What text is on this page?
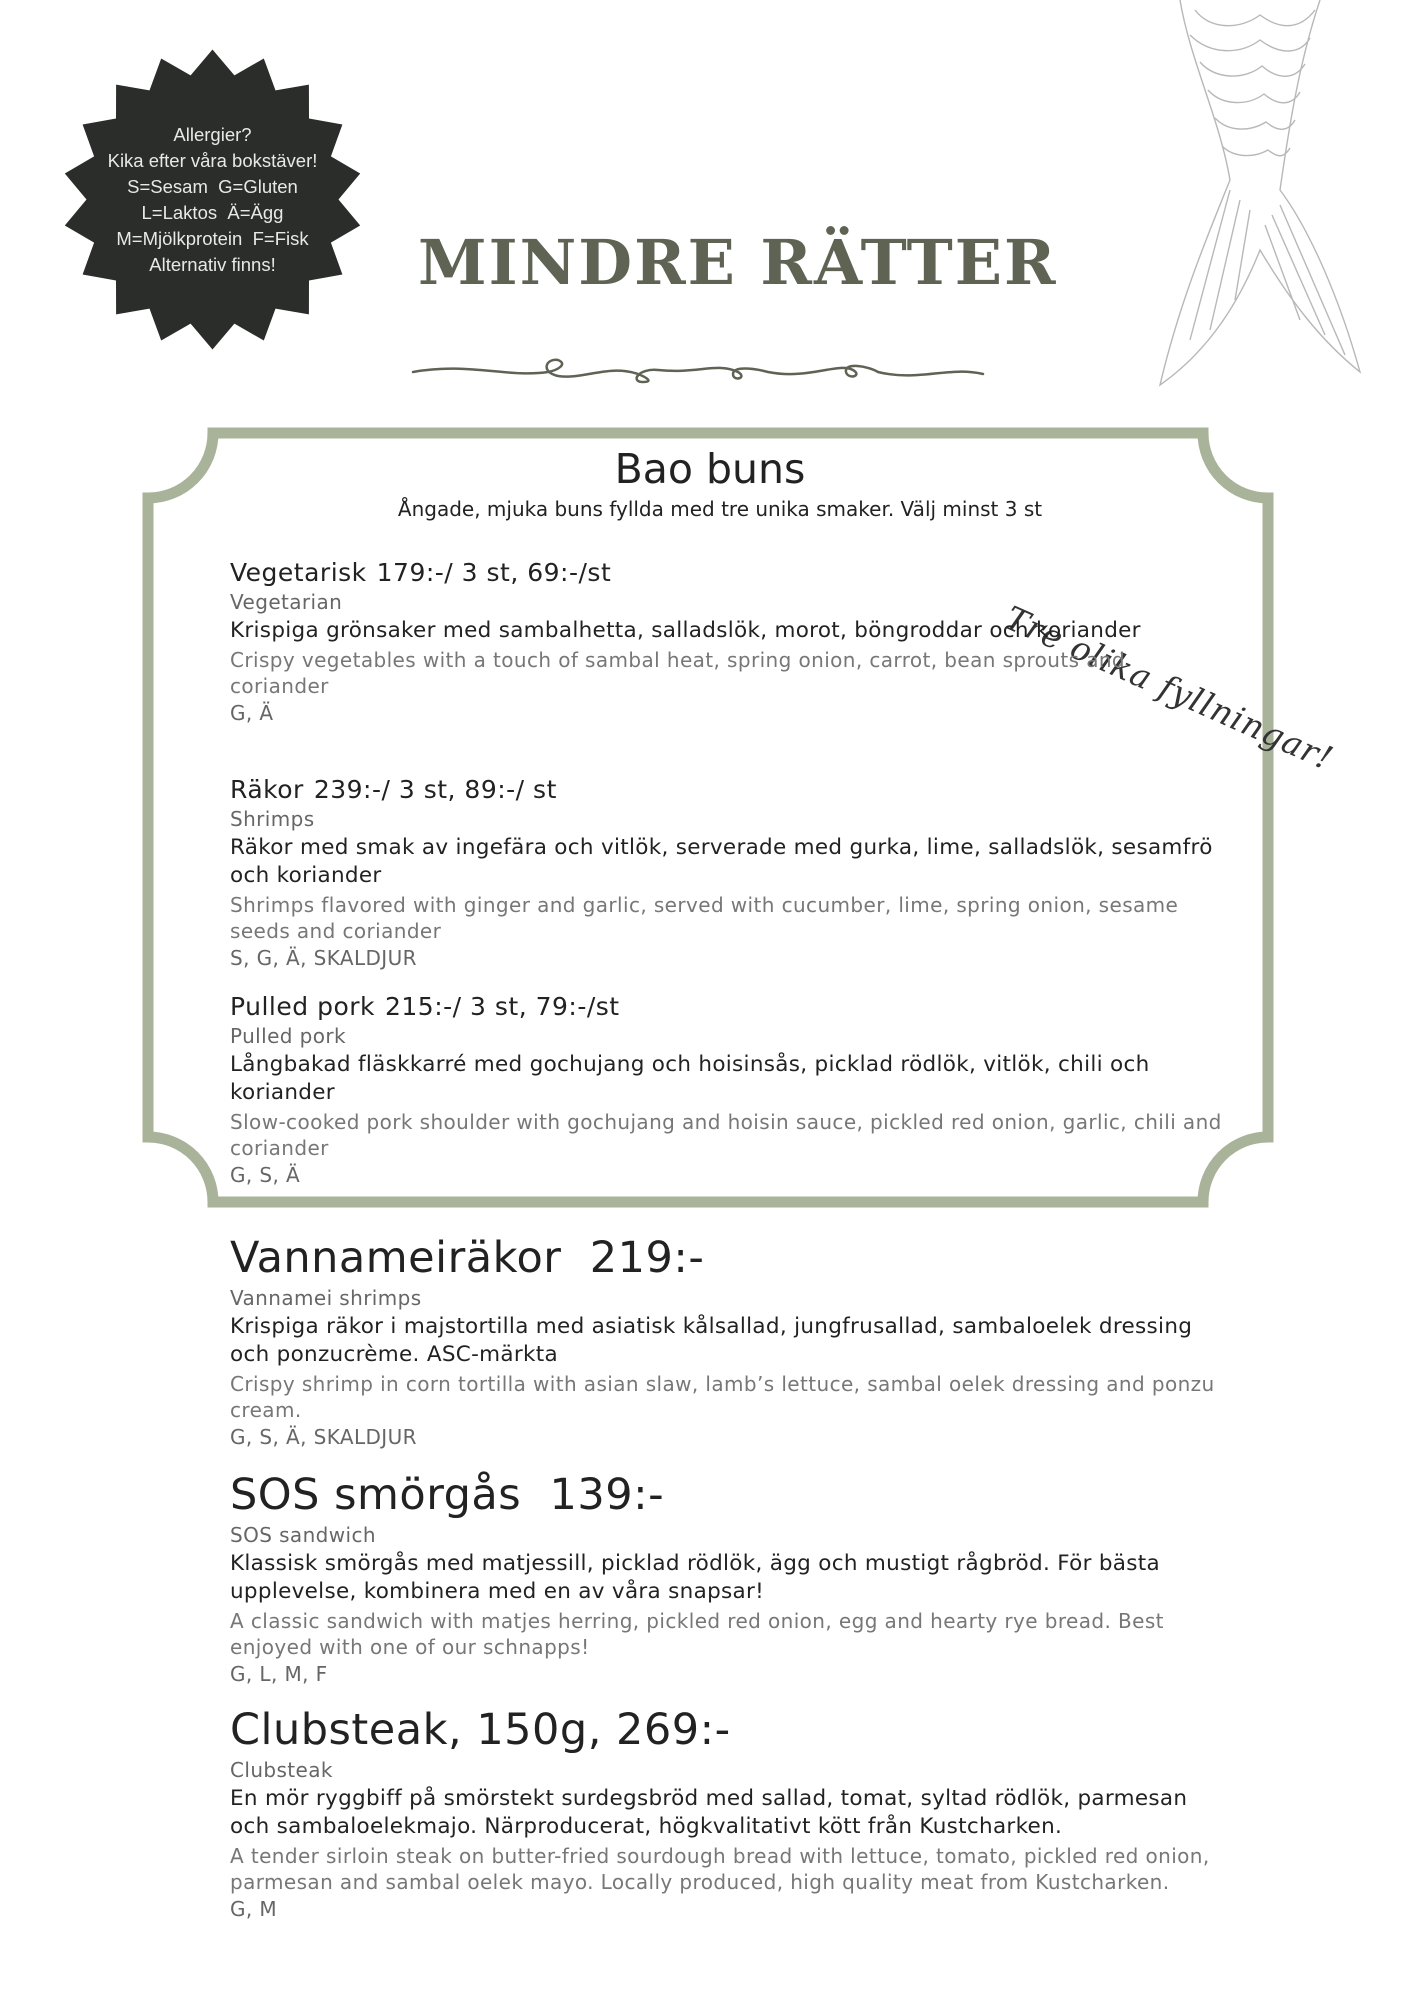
Allergier?
Kika efter våra bokstäver!
S=Sesam  G=Gluten
L=Laktos  Ä=Ägg
M=Mjölkprotein  F=Fisk
Alternativ finns! MINDRE RÄTTER
Bao buns
Ångade, mjuka buns fyllda med tre unika smaker. Välj minst 3 st
Tre olika fyllningar!
Vegetarisk 179:-/ 3 st, 69:-/st
Vegetarian
Krispiga grönsaker med sambalhetta, salladslök, morot, böngroddar och koriander
Crispy vegetables with a touch of sambal heat, spring onion, carrot, bean sprouts and coriander
G, Ä
Räkor 239:-/ 3 st, 89:-/ st
Shrimps
Räkor med smak av ingefära och vitlök, serverade med gurka, lime, salladslök, sesamfrö och koriander
Shrimps flavored with ginger and garlic, served with cucumber, lime, spring onion, sesame seeds and coriander
S, G, Ä, SKALDJUR
Pulled pork 215:-/ 3 st, 79:-/st
Pulled pork
Långbakad fläskkarré med gochujang och hoisinsås, picklad rödlök, vitlök, chili och koriander
Slow-cooked pork shoulder with gochujang and hoisin sauce, pickled red onion, garlic, chili and coriander
G, S, Ä
Vannameiräkor  219:-
Vannamei shrimps
Krispiga räkor i majstortilla med asiatisk kålsallad, jungfrusallad, sambaloelek dressing och ponzucrème. ASC-märkta
Crispy shrimp in corn tortilla with asian slaw, lamb’s lettuce, sambal oelek dressing and ponzu cream.
G, S, Ä, SKALDJUR
SOS smörgås  139:-
SOS sandwich
Klassisk smörgås med matjessill, picklad rödlök, ägg och mustigt rågbröd. För bästa upplevelse, kombinera med en av våra snapsar!
A classic sandwich with matjes herring, pickled red onion, egg and hearty rye bread. Best enjoyed with one of our schnapps!
G, L, M, F
Clubsteak, 150g, 269:-
Clubsteak
En mör ryggbiff på smörstekt surdegsbröd med sallad, tomat, syltad rödlök, parmesan och sambaloelekmajo. Närproducerat, högkvalitativt kött från Kustcharken.
A tender sirloin steak on butter-fried sourdough bread with lettuce, tomato, pickled red onion, parmesan and sambal oelek mayo. Locally produced, high quality meat from Kustcharken.
G, M
